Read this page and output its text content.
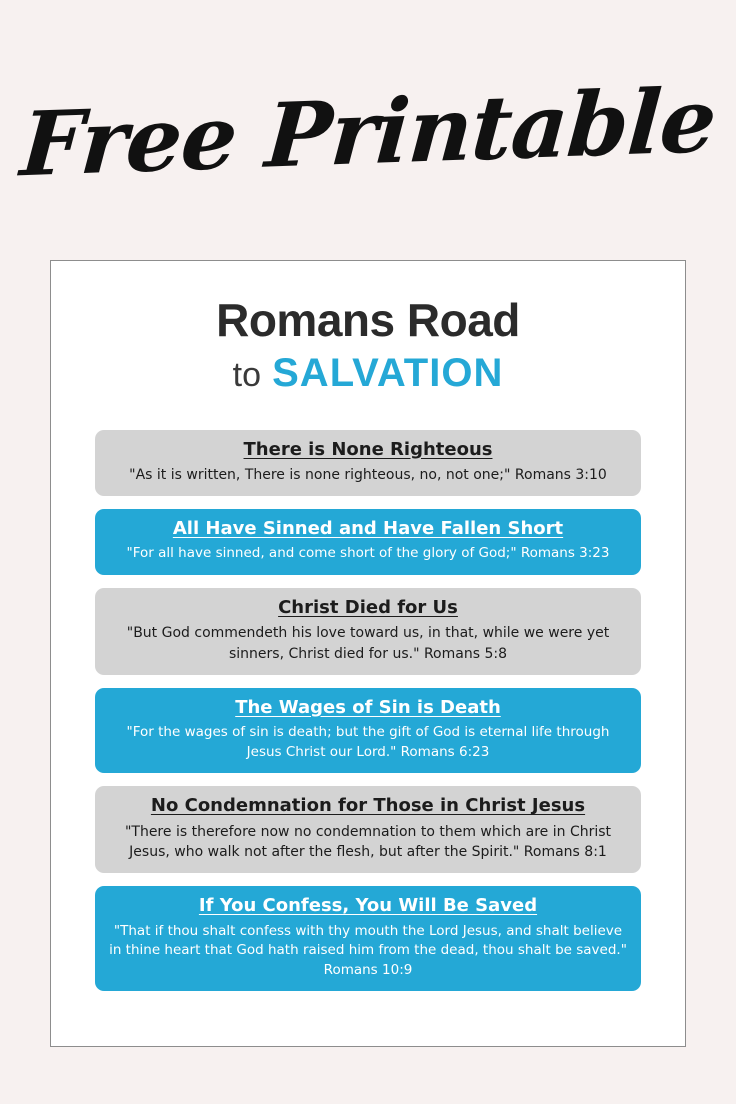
Free Printable
Romans Road
to SALVATION
There is None Righteous
"As it is written, There is none righteous, no, not one;" Romans 3:10
All Have Sinned and Have Fallen Short
"For all have sinned, and come short of the glory of God;" Romans 3:23
Christ Died for Us
"But God commendeth his love toward us, in that, while we were yet sinners, Christ died for us." Romans 5:8
The Wages of Sin is Death
"For the wages of sin is death; but the gift of God is eternal life through Jesus Christ our Lord." Romans 6:23
No Condemnation for Those in Christ Jesus
"There is therefore now no condemnation to them which are in Christ Jesus, who walk not after the flesh, but after the Spirit." Romans 8:1
If You Confess, You Will Be Saved
"That if thou shalt confess with thy mouth the Lord Jesus, and shalt believe in thine heart that God hath raised him from the dead, thou shalt be saved." Romans 10:9
